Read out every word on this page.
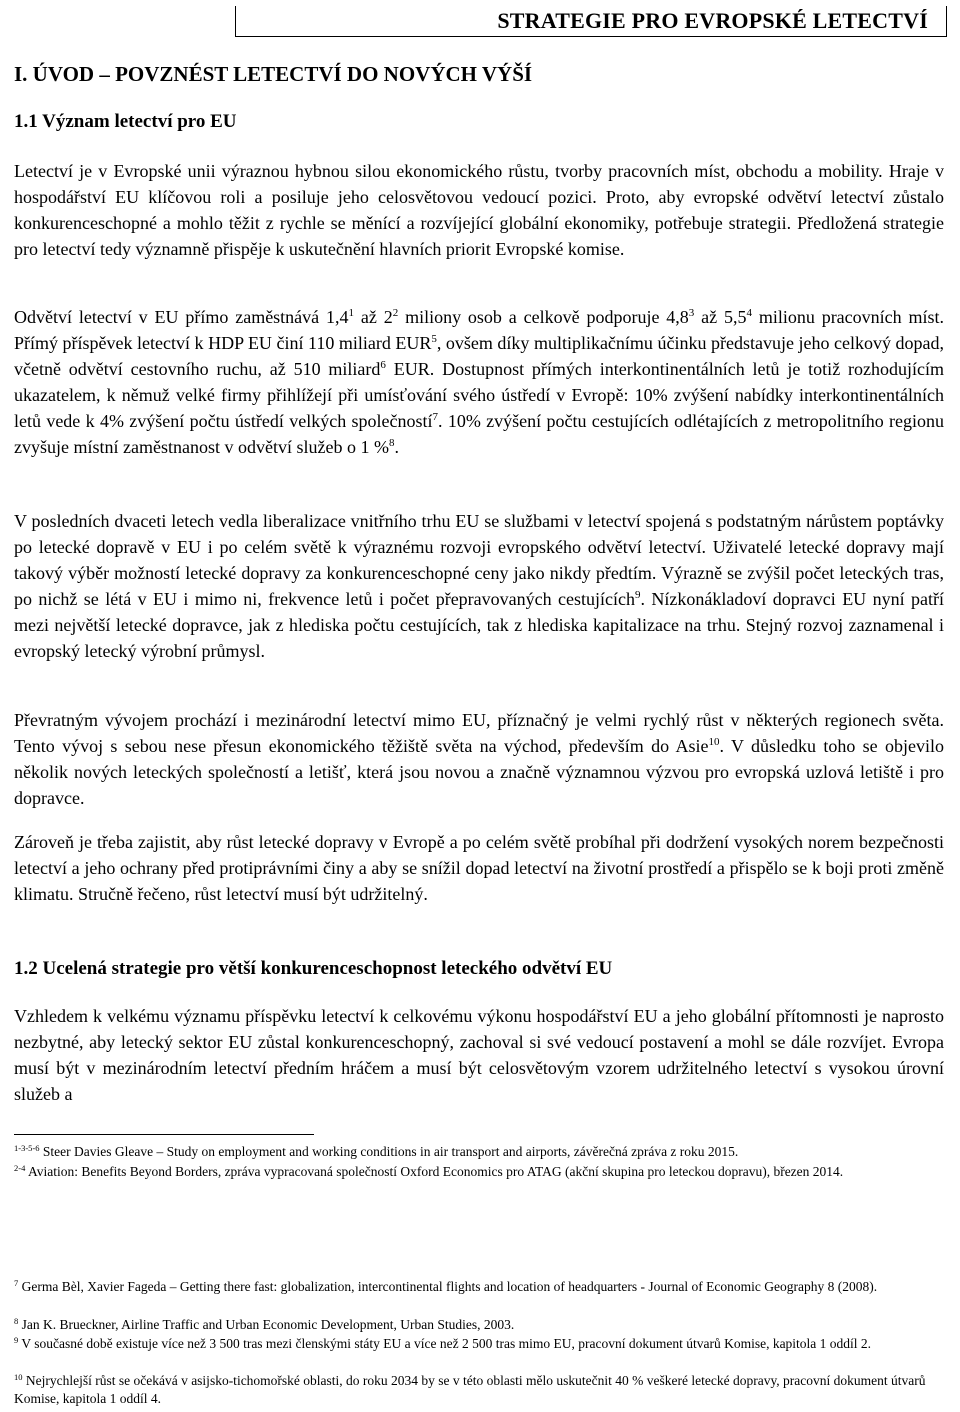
STRATEGIE PRO EVROPSKÉ LETECTVÍ
I. ÚVOD – POVZNÉST LETECTVÍ DO NOVÝCH VÝŠÍ
1.1 Význam letectví pro EU

Letectví je v Evropské unii výraznou hybnou silou ekonomického růstu, tvorby pracovních míst, obchodu a mobility. Hraje v hospodářství EU klíčovou roli a posiluje jeho celosvětovou vedoucí pozici. Proto, aby evropské odvětví letectví zůstalo konkurenceschopné a mohlo těžit z rychle se měnící a rozvíjející globální ekonomiky, potřebuje strategii. Předložená strategie pro letectví tedy významně přispěje k uskutečnění hlavních priorit Evropské komise.

Odvětví letectví v EU přímo zaměstnává $1,4^1$ až $2^2$ miliony osob a celkově podporuje $4,8^3$ až $5,5^4$ milionu pracovních míst. Přímý příspěvek letectví k HDP EU činí 110 miliard EUR$^5$, ovšem díky multiplikačnímu účinku představuje jeho celkový dopad, včetně odvětví cestovního ruchu, až 510 miliard$^6$ EUR. Dostupnost přímých interkontinentálních letů je totiž rozhodujícím ukazatelem, k němuž velké firmy přihlížejí při umísťování svého ústředí v Evropě: 10% zvýšení nabídky interkontinentálních letů vede k 4% zvýšení počtu ústředí velkých společností$^7$. 10% zvýšení počtu cestujících odlétajících z metropolitního regionu zvyšuje místní zaměstnanost v odvětví služeb o 1 %$^8$.

V posledních dvaceti letech vedla liberalizace vnitřního trhu EU se službami v letectví spojená s podstatným nárůstem poptávky po letecké dopravě v EU i po celém světě k výraznému rozvoji evropského odvětví letectví. Uživatelé letecké dopravy mají takový výběr možností letecké dopravy za konkurenceschopné ceny jako nikdy předtím. Výrazně se zvýšil počet leteckých tras, po nichž se létá v EU i mimo ni, frekvence letů i počet přepravovaných cestujících$^9$. Nízkonákladoví dopravci EU nyní patří mezi největší letecké dopravce, jak z hlediska počtu cestujících, tak z hlediska kapitalizace na trhu. Stejný rozvoj zaznamenal i evropský letecký výrobní průmysl.

Převratným vývojem prochází i mezinárodní letectví mimo EU, příznačný je velmi rychlý růst v některých regionech světa. Tento vývoj s sebou nese přesun ekonomického těžiště světa na východ, především do Asie$^{10}$. V důsledku toho se objevilo několik nových leteckých společností a letišť, která jsou novou a značně významnou výzvou pro evropská uzlová letiště i pro dopravce.

Zároveň je třeba zajistit, aby růst letecké dopravy v Evropě a po celém světě probíhal při dodržení vysokých norem bezpečnosti letectví a jeho ochrany před protiprávními činy a aby se snížil dopad letectví na životní prostředí a přispělo se k boji proti změně klimatu. Stručně řečeno, růst letectví musí být udržitelný.

1.2 Ucelená strategie pro větší konkurenceschopnost leteckého odvětví EU

Vzhledem k velkému významu příspěvku letectví k celkovému výkonu hospodářství EU a jeho globální přítomnosti je naprosto nezbytné, aby letecký sektor EU zůstal konkurenceschopný, zachoval si své vedoucí postavení a mohl se dále rozvíjet. Evropa musí být v mezinárodním letectví předním hráčem a musí být celosvětovým vzorem udržitelného letectví s vysokou úrovní služeb a

$^{1-3-5-6}$ Steer Davies Gleave – Study on employment and working conditions in air transport and airports, závěrečná zpráva z roku 2015.
$^{2-4}$ Aviation: Benefits Beyond Borders, zpráva vypracovaná společností Oxford Economics pro ATAG (akční skupina pro leteckou dopravu), březen 2014.
$^7$ Germa Bèl, Xavier Fageda – Getting there fast: globalization, intercontinental flights and location of headquarters - Journal of Economic Geography 8 (2008).
$^8$ Jan K. Brueckner, Airline Traffic and Urban Economic Development, Urban Studies, 2003.
$^9$ V současné době existuje více než 3 500 tras mezi členskými státy EU a více než 2 500 tras mimo EU, pracovní dokument útvarů Komise, kapitola 1 oddíl 2.
$^{10}$ Nejrychlejší růst se očekává v asijsko-tichomořské oblasti, do roku 2034 by se v této oblasti mělo uskutečnit 40 % veškeré letecké dopravy, pracovní dokument útvarů Komise, kapitola 1 oddíl 4.
